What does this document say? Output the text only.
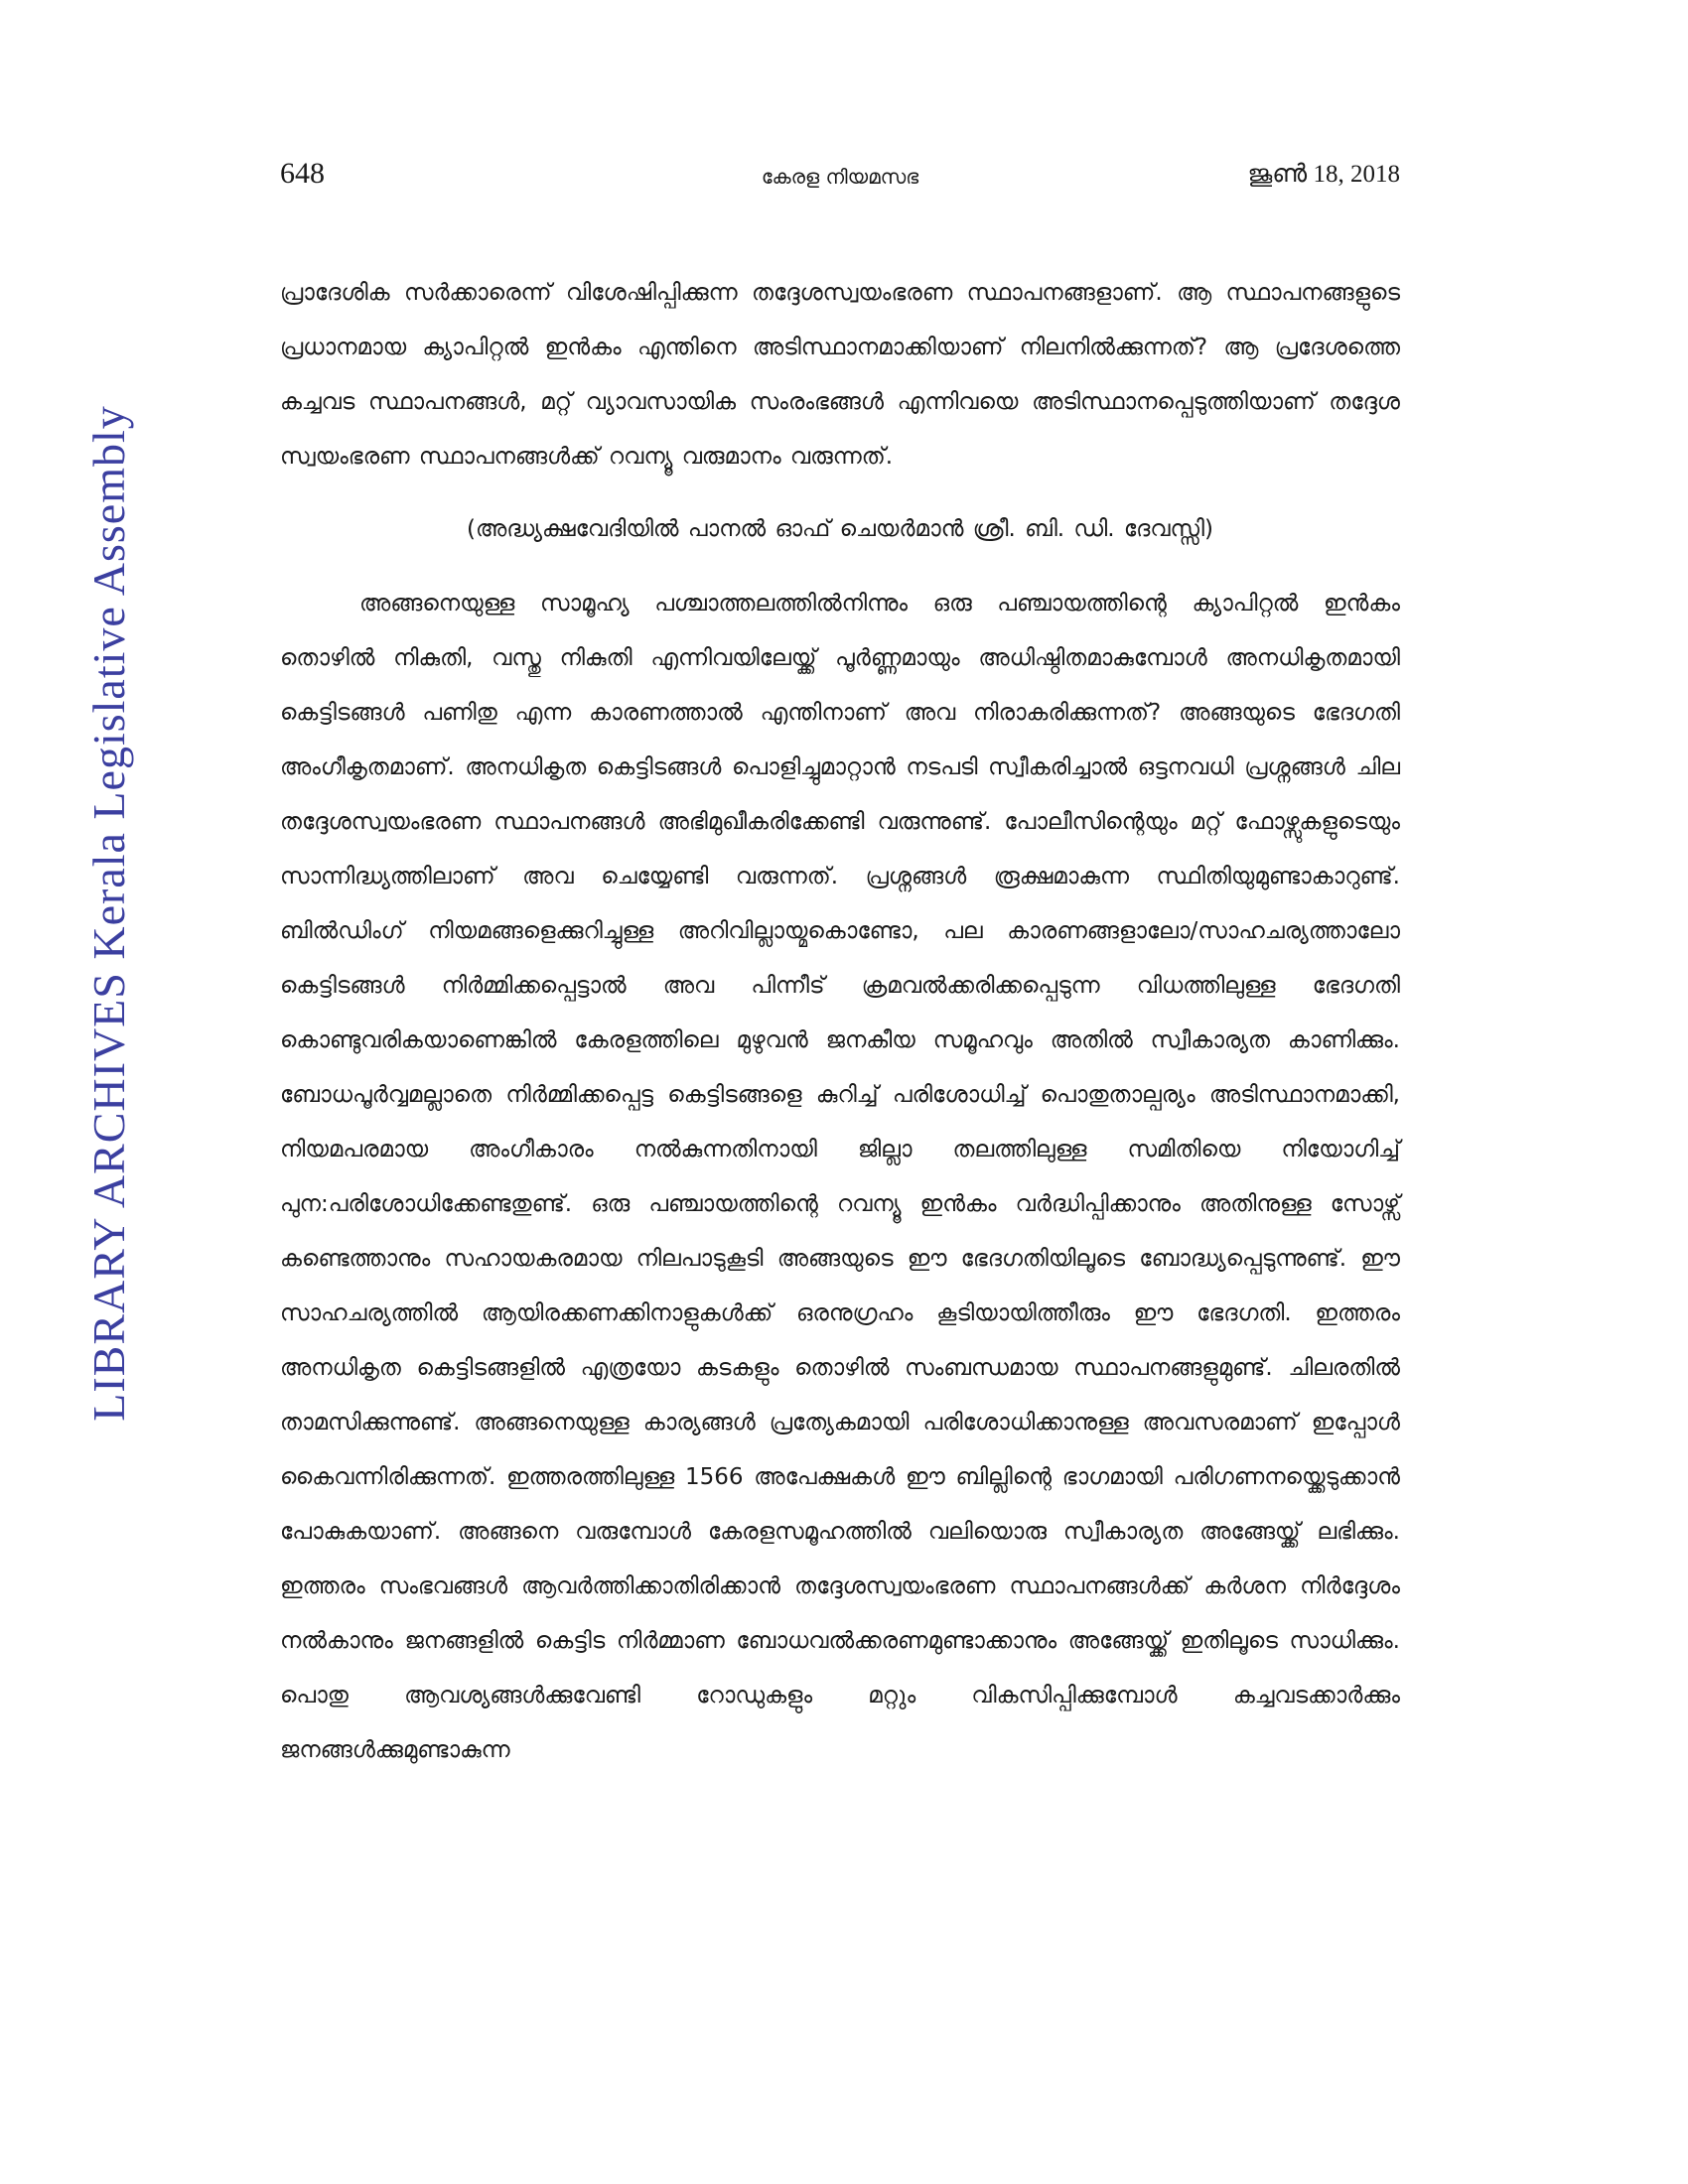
LIBRARY ARCHIVES Kerala Legislative Assembly
648	കേരള നിയമസഭ	ജൂൺ 18, 2018

പ്രാദേശിക സർക്കാരെന്ന് വിശേഷിപ്പിക്കുന്ന തദ്ദേശസ്വയംഭരണ സ്ഥാപനങ്ങളാണ്. ആ സ്ഥാപനങ്ങളുടെ പ്രധാനമായ ക്യാപിറ്റൽ ഇൻകം എന്തിനെ അടിസ്ഥാനമാക്കിയാണ് നിലനിൽക്കുന്നത്? ആ പ്രദേശത്തെ കച്ചവട സ്ഥാപനങ്ങൾ, മറ്റ് വ്യാവസായിക സംരംഭങ്ങൾ എന്നിവയെ അടിസ്ഥാനപ്പെടുത്തിയാണ് തദ്ദേശ സ്വയംഭരണ സ്ഥാപനങ്ങൾക്ക് റവന്യൂ വരുമാനം വരുന്നത്.

(അദ്ധ്യക്ഷവേദിയിൽ പാനൽ ഓഫ് ചെയർമാൻ ശ്രീ. ബി. ഡി. ദേവസ്സി)

അങ്ങനെയുള്ള സാമൂഹ്യ പശ്ചാത്തലത്തിൽനിന്നും ഒരു പഞ്ചായത്തിന്റെ ക്യാപിറ്റൽ ഇൻകം തൊഴിൽ നികുതി, വസ്തു നികുതി എന്നിവയിലേയ്ക്ക് പൂർണ്ണമായും അധിഷ്ഠിതമാകുമ്പോൾ അനധികൃതമായി കെട്ടിടങ്ങൾ പണിതു എന്ന കാരണത്താൽ എന്തിനാണ് അവ നിരാകരിക്കുന്നത്? അങ്ങയുടെ ഭേദഗതി അംഗീകൃതമാണ്. അനധികൃത കെട്ടിടങ്ങൾ പൊളിച്ചുമാറ്റാൻ നടപടി സ്വീകരിച്ചാൽ ഒട്ടനവധി പ്രശ്നങ്ങൾ ചില തദ്ദേശസ്വയംഭരണ സ്ഥാപനങ്ങൾ അഭിമുഖീകരിക്കേണ്ടി വരുന്നുണ്ട്. പോലീസിന്റെയും മറ്റ് ഫോഴ്സുകളുടെയും സാന്നിദ്ധ്യത്തിലാണ് അവ ചെയ്യേണ്ടി വരുന്നത്. പ്രശ്നങ്ങൾ രൂക്ഷമാകുന്ന സ്ഥിതിയുമുണ്ടാകാറുണ്ട്. ബിൽഡിംഗ് നിയമങ്ങളെക്കുറിച്ചുള്ള അറിവില്ലായ്മകൊണ്ടോ, പല കാരണങ്ങളാലോ/സാഹചര്യത്താലോ കെട്ടിടങ്ങൾ നിർമ്മിക്കപ്പെട്ടാൽ അവ പിന്നീട് ക്രമവൽക്കരിക്കപ്പെടുന്ന വിധത്തിലുള്ള ഭേദഗതി കൊണ്ടുവരികയാണെങ്കിൽ കേരളത്തിലെ മുഴുവൻ ജനകീയ സമൂഹവും അതിൽ സ്വീകാര്യത കാണിക്കും. ബോധപൂർവ്വമല്ലാതെ നിർമ്മിക്കപ്പെട്ട കെട്ടിടങ്ങളെ കുറിച്ച് പരിശോധിച്ച് പൊതുതാല്പര്യം അടിസ്ഥാനമാക്കി, നിയമപരമായ അംഗീകാരം നൽകുന്നതിനായി ജില്ലാ തലത്തിലുള്ള സമിതിയെ നിയോഗിച്ച് പുന:പരിശോധിക്കേണ്ടതുണ്ട്. ഒരു പഞ്ചായത്തിന്റെ റവന്യൂ ഇൻകം വർദ്ധിപ്പിക്കാനും അതിനുള്ള സോഴ്സ് കണ്ടെത്താനും സഹായകരമായ നിലപാടുകൂടി അങ്ങയുടെ ഈ ഭേദഗതിയിലൂടെ ബോദ്ധ്യപ്പെടുന്നുണ്ട്. ഈ സാഹചര്യത്തിൽ ആയിരക്കണക്കിനാളുകൾക്ക് ഒരനുഗ്രഹം കൂടിയായിത്തീരും ഈ ഭേദഗതി. ഇത്തരം അനധികൃത കെട്ടിടങ്ങളിൽ എത്രയോ കടകളും തൊഴിൽ സംബന്ധമായ സ്ഥാപനങ്ങളുമുണ്ട്. ചിലരതിൽ താമസിക്കുന്നുണ്ട്. അങ്ങനെയുള്ള കാര്യങ്ങൾ പ്രത്യേകമായി പരിശോധിക്കാനുള്ള അവസരമാണ് ഇപ്പോൾ കൈവന്നിരിക്കുന്നത്. ഇത്തരത്തിലുള്ള 1566 അപേക്ഷകൾ ഈ ബില്ലിന്റെ ഭാഗമായി പരിഗണനയ്ക്കെടുക്കാൻ പോകുകയാണ്. അങ്ങനെ വരുമ്പോൾ കേരളസമൂഹത്തിൽ വലിയൊരു സ്വീകാര്യത അങ്ങേയ്ക്ക് ലഭിക്കും. ഇത്തരം സംഭവങ്ങൾ ആവർത്തിക്കാതിരിക്കാൻ തദ്ദേശസ്വയംഭരണ സ്ഥാപനങ്ങൾക്ക് കർശന നിർദ്ദേശം നൽകാനും ജനങ്ങളിൽ കെട്ടിട നിർമ്മാണ ബോധവൽക്കരണമുണ്ടാക്കാനും അങ്ങേയ്ക്ക് ഇതിലൂടെ സാധിക്കും. പൊതു ആവശ്യങ്ങൾക്കുവേണ്ടി റോഡുകളും മറ്റും വികസിപ്പിക്കുമ്പോൾ കച്ചവടക്കാർക്കും ജനങ്ങൾക്കുമുണ്ടാകുന്ന
